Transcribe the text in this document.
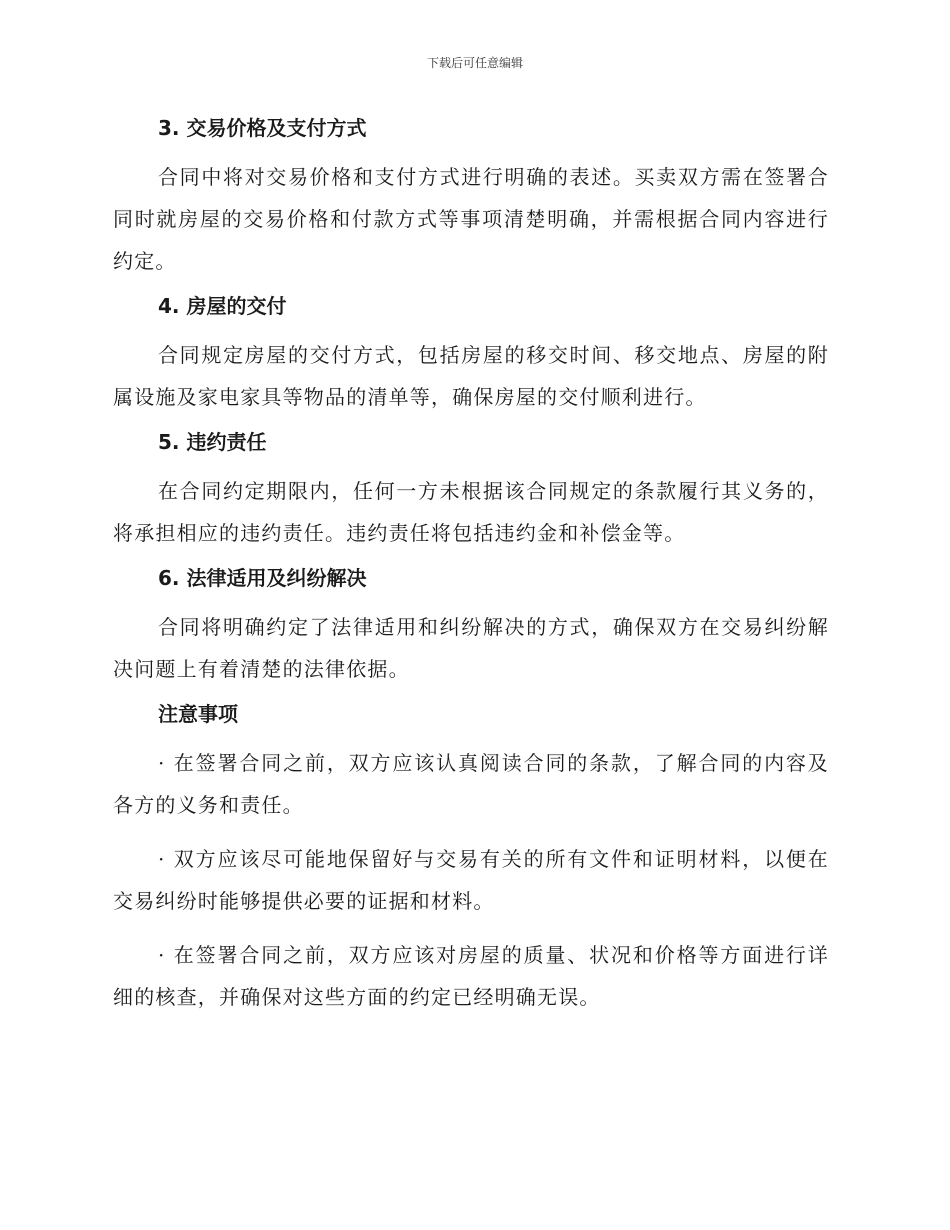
下载后可任意编辑
3. 交易价格及支付方式

合同中将对交易价格和支付方式进行明确的表述。买卖双方需在签署合同时就房屋的交易价格和付款方式等事项清楚明确，并需根据合同内容进行约定。

4. 房屋的交付

合同规定房屋的交付方式，包括房屋的移交时间、移交地点、房屋的附属设施及家电家具等物品的清单等，确保房屋的交付顺利进行。

5. 违约责任

在合同约定期限内，任何一方未根据该合同规定的条款履行其义务的，将承担相应的违约责任。违约责任将包括违约金和补偿金等。

6. 法律适用及纠纷解决

合同将明确约定了法律适用和纠纷解决的方式，确保双方在交易纠纷解决问题上有着清楚的法律依据。

注意事项

· 在签署合同之前，双方应该认真阅读合同的条款，了解合同的内容及各方的义务和责任。

· 双方应该尽可能地保留好与交易有关的所有文件和证明材料，以便在交易纠纷时能够提供必要的证据和材料。

· 在签署合同之前，双方应该对房屋的质量、状况和价格等方面进行详细的核查，并确保对这些方面的约定已经明确无误。
